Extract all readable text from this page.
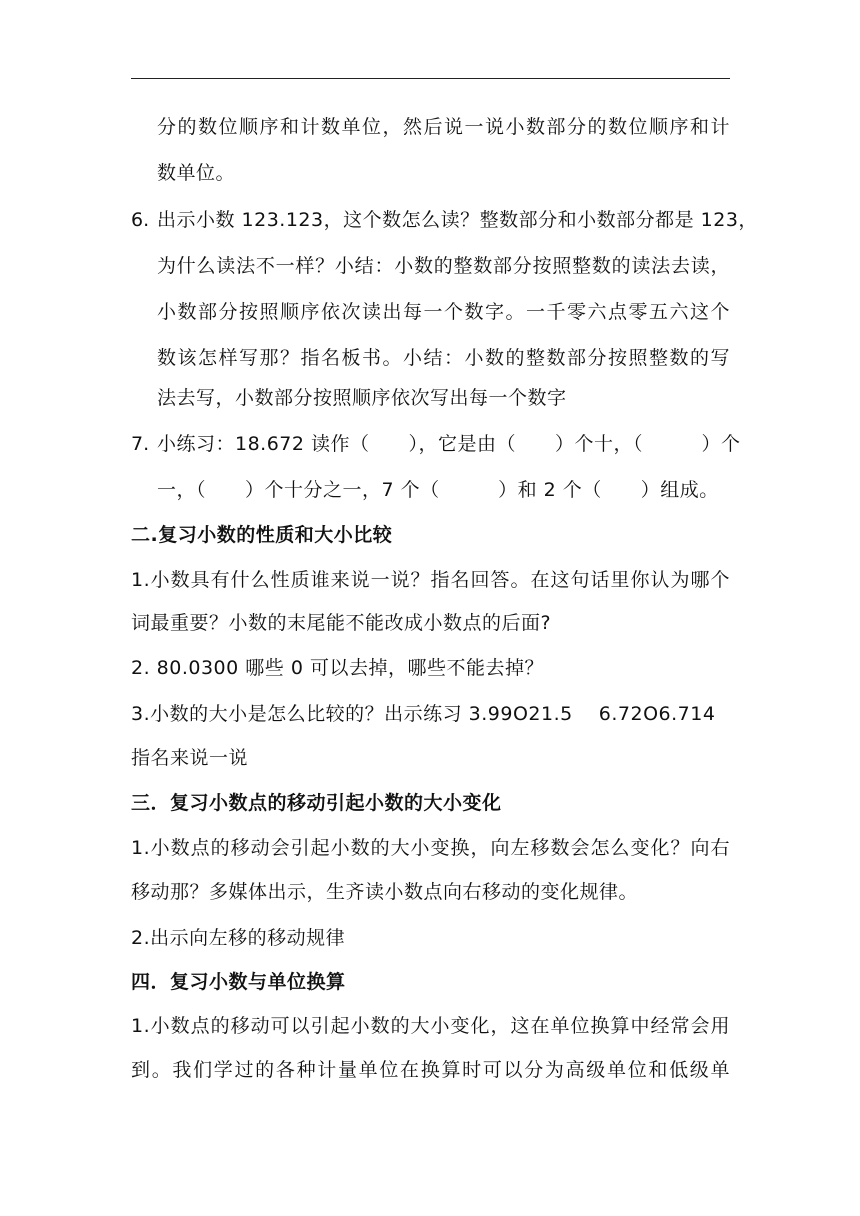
分的数位顺序和计数单位，然后说一说小数部分的数位顺序和计
数单位。
6. 出示小数 123.123，这个数怎么读？整数部分和小数部分都是 123，
为什么读法不一样？小结：小数的整数部分按照整数的读法去读，
小数部分按照顺序依次读出每一个数字。一千零六点零五六这个
数该怎样写那？指名板书。小结：小数的整数部分按照整数的写
法去写，小数部分按照顺序依次写出每一个数字
7. 小练习：18.672 读作（　　），它是由（　　）个十，（　　　）个
一，（　　）个十分之一，7 个（　　　）和 2 个（　　）组成。
二.复习小数的性质和大小比较
1.小数具有什么性质谁来说一说？指名回答。在这句话里你认为哪个
词最重要？小数的末尾能不能改成小数点的后面?
2. 80.0300 哪些 0 可以去掉，哪些不能去掉？
3.小数的大小是怎么比较的？出示练习 3.99O21.5　 6.72O6.714
指名来说一说
三．复习小数点的移动引起小数的大小变化
1.小数点的移动会引起小数的大小变换，向左移数会怎么变化？向右
移动那？多媒体出示，生齐读小数点向右移动的变化规律。
2.出示向左移的移动规律
四．复习小数与单位换算
1.小数点的移动可以引起小数的大小变化，这在单位换算中经常会用
到。我们学过的各种计量单位在换算时可以分为高级单位和低级单
